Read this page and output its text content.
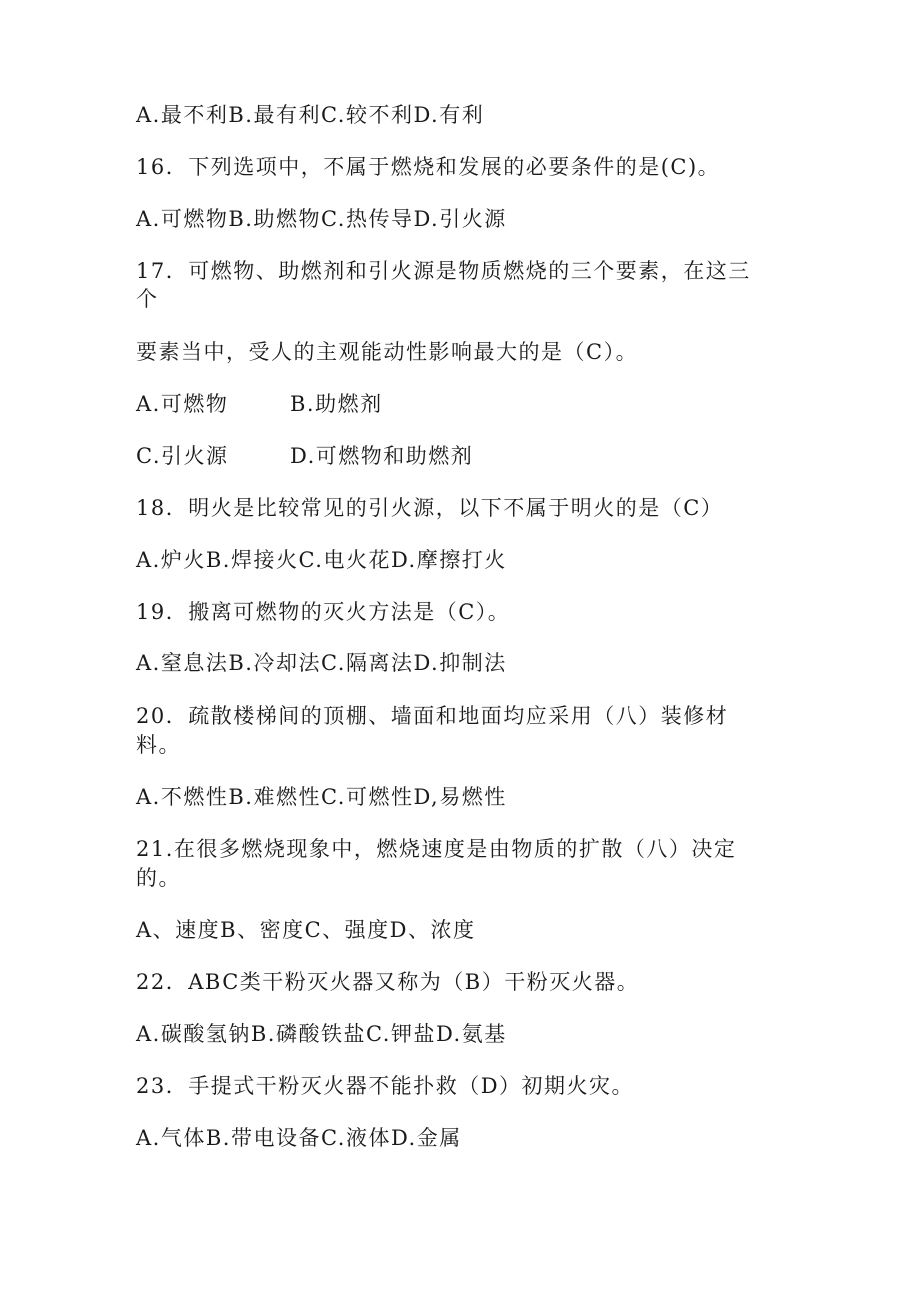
A.最不利B.最有利C.较不利D.有利
16．下列选项中，不属于燃烧和发展的必要条件的是(C)。
A.可燃物B.助燃物C.热传导D.引火源
17．可燃物、助燃剂和引火源是物质燃烧的三个要素，在这三
个
要素当中，受人的主观能动性影响最大的是（C）。
A.可燃物	B.助燃剂
C.引火源	D.可燃物和助燃剂
18．明火是比较常见的引火源，以下不属于明火的是（C）
A.炉火B.焊接火C.电火花D.摩擦打火
19．搬离可燃物的灭火方法是（C）。
A.窒息法B.冷却法C.隔离法D.抑制法
20．疏散楼梯间的顶棚、墙面和地面均应采用（八）装修材
料。
A.不燃性B.难燃性C.可燃性D,易燃性
21.在很多燃烧现象中，燃烧速度是由物质的扩散（八）决定
的。
A、速度B、密度C、强度D、浓度
22．ABC类干粉灭火器又称为（B）干粉灭火器。
A.碳酸氢钠B.磷酸铁盐C.钾盐D.氨基
23．手提式干粉灭火器不能扑救（D）初期火灾。
A.气体B.带电设备C.液体D.金属
